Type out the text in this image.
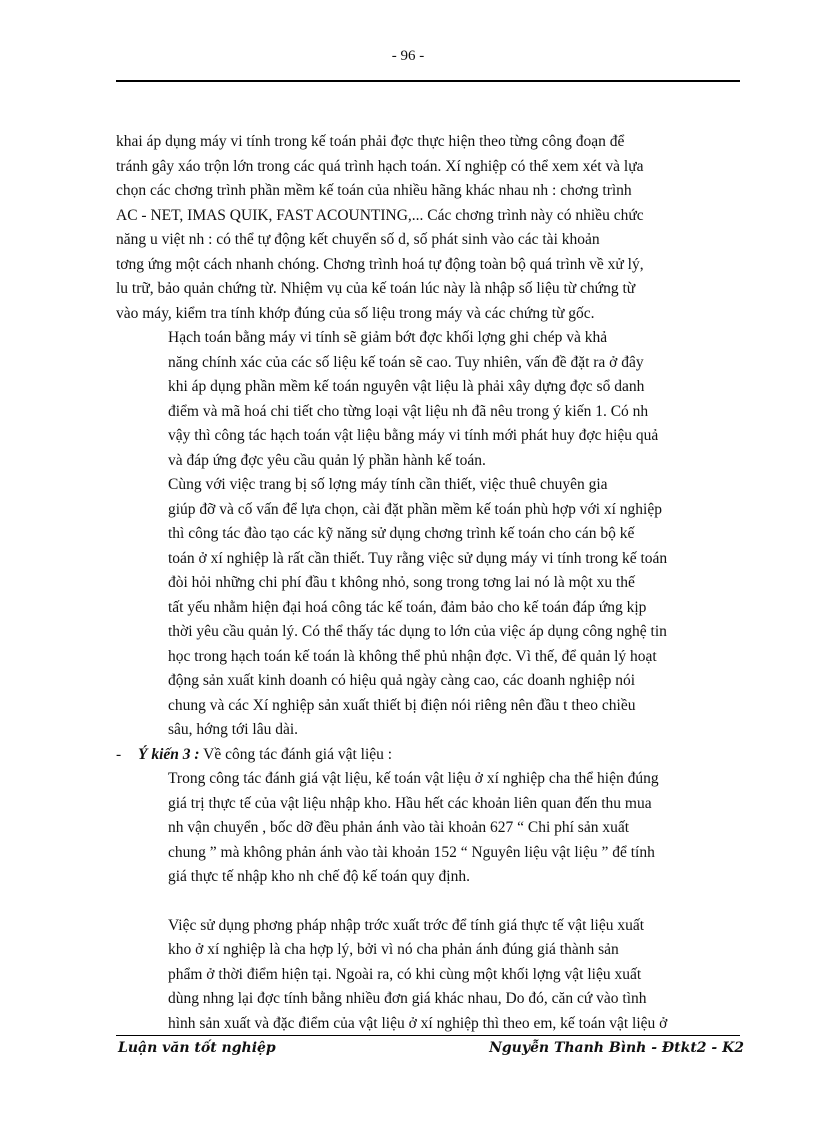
- 96 -
khai áp dụng máy vi tính trong kế toán phải đợc thực hiện theo từng công đoạn để
tránh gây xáo trộn lớn trong các quá trình hạch toán. Xí nghiệp có thể xem xét và lựa
chọn các chơng trình phần mềm kế toán của nhiều hãng khác nhau nh : chơng trình
AC - NET, IMAS QUIK, FAST ACOUNTING,... Các chơng trình này có nhiều chức
năng u việt nh : có thể tự động kết chuyển số d, số phát sinh vào các tài khoản
tơng ứng một cách nhanh chóng. Chơng trình hoá tự động toàn bộ quá trình về xử lý,
lu trữ, bảo quản chứng từ. Nhiệm vụ của kế toán lúc này là nhập số liệu từ chứng từ
vào máy, kiểm tra tính khớp đúng của số liệu trong máy và các chứng từ gốc.
Hạch toán bằng máy vi tính sẽ giảm bớt đợc khối lợng ghi chép và khả
năng chính xác của các số liệu kế toán sẽ cao. Tuy nhiên, vấn đề đặt ra ở đây
khi áp dụng phần mềm kế toán nguyên vật liệu là phải xây dựng đợc sổ danh
điểm và mã hoá chi tiết cho từng loại vật liệu nh đã nêu trong ý kiến 1. Có nh
vậy thì công tác hạch toán vật liệu bằng máy vi tính mới phát huy đợc hiệu quả
và đáp ứng đợc yêu cầu quản lý phần hành kế toán.
Cùng với việc trang bị số lợng máy tính cần thiết, việc thuê chuyên gia
giúp đỡ và cố vấn để lựa chọn, cài đặt phần mềm kế toán phù hợp với xí nghiệp
thì công tác đào tạo các kỹ năng sử dụng chơng trình kế toán cho cán bộ kế
toán ở xí nghiệp là rất cần thiết. Tuy rằng việc sử dụng máy vi tính trong kế toán
đòi hỏi những chi phí đầu t không nhỏ, song trong tơng lai nó là một xu thế
tất yếu nhằm hiện đại hoá công tác kế toán, đảm bảo cho kế toán đáp ứng kịp
thời yêu cầu quản lý. Có thể thấy tác dụng to lớn của việc áp dụng công nghệ tin
học trong hạch toán kế toán là không thể phủ nhận đợc. Vì thế, để quản lý hoạt
động sản xuất kinh doanh có hiệu quả ngày càng cao, các doanh nghiệp nói
chung và các Xí nghiệp sản xuất thiết bị điện nói riêng nên đầu t theo chiều
sâu, hớng tới lâu dài.
-	Ý kiến 3 : Về công tác đánh giá vật liệu :
Trong công tác đánh giá vật liệu, kế toán vật liệu ở xí nghiệp cha thể hiện đúng
giá trị thực tế của vật liệu nhập kho. Hầu hết các khoản liên quan đến thu mua
nh vận chuyển , bốc dỡ đều phản ánh vào tài khoản 627 “ Chi phí sản xuất
chung ” mà không phản ánh vào tài khoản 152 “ Nguyên liệu vật liệu ” để tính
giá thực tế nhập kho nh chế độ kế toán quy định.
Việc sử dụng phơng pháp nhập trớc xuất trớc để tính giá thực tế vật liệu xuất
kho ở xí nghiệp là cha hợp lý, bởi vì nó cha phản ánh đúng giá thành sản
phẩm ở thời điểm hiện tại. Ngoài ra, có khi cùng một khối lợng vật liệu xuất
dùng nhng lại đợc tính bằng nhiều đơn giá khác nhau, Do đó, căn cứ vào tình
hình sản xuất và đặc điểm của vật liệu ở xí nghiệp thì theo em, kế toán vật liệu ở
Luận văn tốt nghiệp	Nguyễn Thanh Bình - Đtkt2 - K2
